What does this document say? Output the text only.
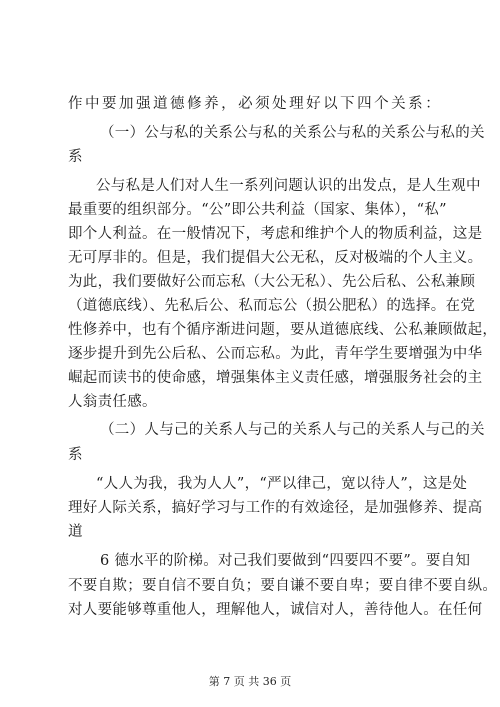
作中要加强道德修养，必须处理好以下四个关系：
（一）公与私的关系公与私的关系公与私的关系公与私的关
系
公与私是人们对人生一系列问题认识的出发点，是人生观中
最重要的组织部分。“公”即公共利益（国家、集体），“私”
即个人利益。在一般情况下，考虑和维护个人的物质利益，这是
无可厚非的。但是，我们提倡大公无私，反对极端的个人主义。
为此，我们要做好公而忘私（大公无私）、先公后私、公私兼顾
（道德底线）、先私后公、私而忘公（损公肥私）的选择。在党
性修养中，也有个循序渐进问题，要从道德底线、公私兼顾做起，
逐步提升到先公后私、公而忘私。为此，青年学生要增强为中华
崛起而读书的使命感，增强集体主义责任感，增强服务社会的主
人翁责任感。
（二）人与己的关系人与己的关系人与己的关系人与己的关
系
“人人为我，我为人人”，“严以律己，宽以待人”，这是处
理好人际关系，搞好学习与工作的有效途径，是加强修养、提高
道
6 德水平的阶梯。对己我们要做到“四要四不要”。要自知
不要自欺；要自信不要自负；要自谦不要自卑；要自律不要自纵。
对人要能够尊重他人，理解他人，诚信对人，善待他人。在任何
第 7 页 共 36 页
